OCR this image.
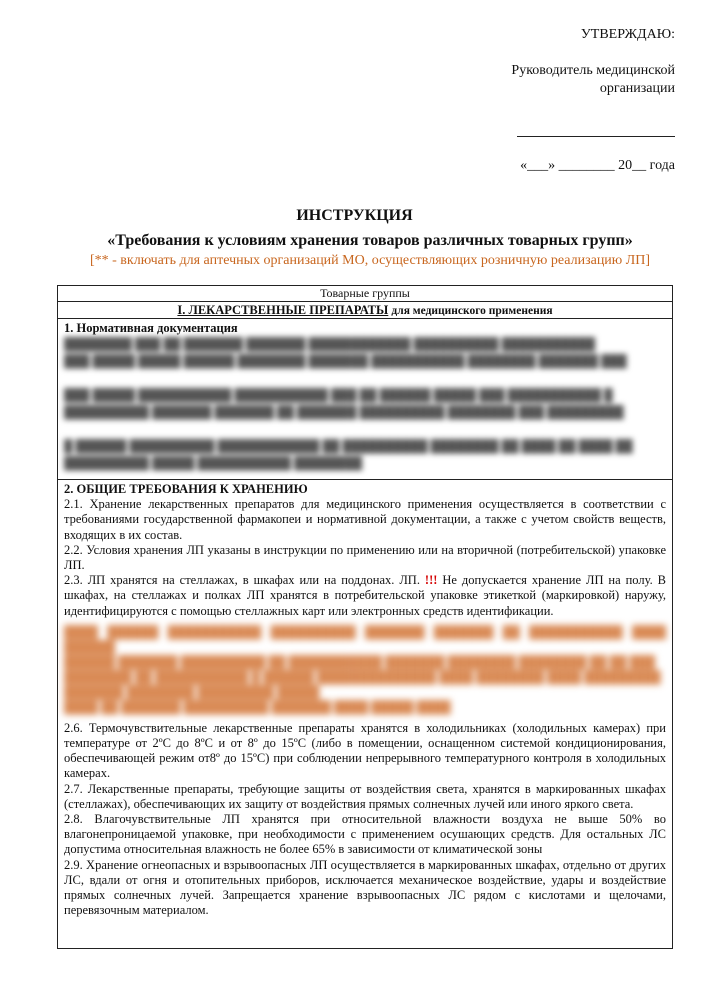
УТВЕРЖДАЮ:
Руководитель медицинской
организации
«___» ________ 20__ года
ИНСТРУКЦИЯ
«Требования к условиям хранения товаров различных товарных групп»
[** - включать для аптечных организаций МО, осуществляющих розничную реализацию ЛП]
Товарные группы
I. ЛЕКАРСТВЕННЫЕ ПРЕПАРАТЫ для медицинского применения
1. Нормативная документация
████████ ███ ██ ███████ ███████ ████████████ ██████████ ███████████
███ █████ █████ ██████ ████████ ███████ ███████████ ████████ ███████ ███

███ █████ ███████████ ███████████ ███ ██ ██████ █████ ███ ███████████ █
██████████ ███████ ███████ ██ ███████ ██████████ ████████ ███ █████████

█ ██████ ██████████ ████████████ ██ ██████████ ████████ ██ ████ ██ ████ ██
██████████ █████ ███████████ ████████

2. ОБЩИЕ ТРЕБОВАНИЯ К ХРАНЕНИЮ

2.1. Хранение лекарственных препаратов для медицинского применения осуществляется в соответствии с требованиями государственной фармакопеи и нормативной документации, а также с учетом свойств веществ, входящих в их состав.

2.2. Условия хранения ЛП указаны в инструкции по применению или на вторичной (потребительской) упаковке ЛП.

2.3. ЛП хранятся на стеллажах, в шкафах или на поддонах. ЛП. !!! Не допускается хранение ЛП на полу. В шкафах, на стеллажах и полках ЛП хранятся в потребительской упаковке этикеткой (маркировкой) наружу, идентифицируются с помощью стеллажных карт или электронных средств идентификации.

████ ██████ ███████████ ██████████ ███████ ███████ ██ ███████████ ████ ██████
██████ ███████ ██████████ ██ ███████████ ███████ ████████ ████████ ██ ██ ███
████████ ██ ███████████ █ ██████ ██████████████ ████ ████████ ████ █████████
███████ ████████ █████████ █████
████ ██ ███████ ██████████ ███████ ████ █████ ████

2.6. Термочувствительные лекарственные препараты хранятся в холодильниках (холодильных камерах) при температуре от 2ºС до 8ºС и от 8º до 15ºС (либо в помещении, оснащенном системой кондиционирования, обеспечивающей режим от8º до 15ºС) при соблюдении непрерывного температурного контроля в холодильных камерах.

2.7. Лекарственные препараты, требующие защиты от воздействия света, хранятся в маркированных шкафах (стеллажах), обеспечивающих их защиту от воздействия прямых солнечных лучей или иного яркого света.

2.8. Влагочувствительные ЛП хранятся при относительной влажности воздуха не выше 50% во влагонепроницаемой упаковке, при необходимости с применением осушающих средств. Для остальных ЛС допустима относительная влажность не более 65% в зависимости от климатической зоны

2.9. Хранение огнеопасных и взрывоопасных ЛП осуществляется в маркированных шкафах, отдельно от других ЛС, вдали от огня и отопительных приборов, исключается механическое воздействие, удары и воздействие прямых солнечных лучей. Запрещается хранение взрывоопасных ЛС рядом с кислотами и щелочами, перевязочным материалом.
